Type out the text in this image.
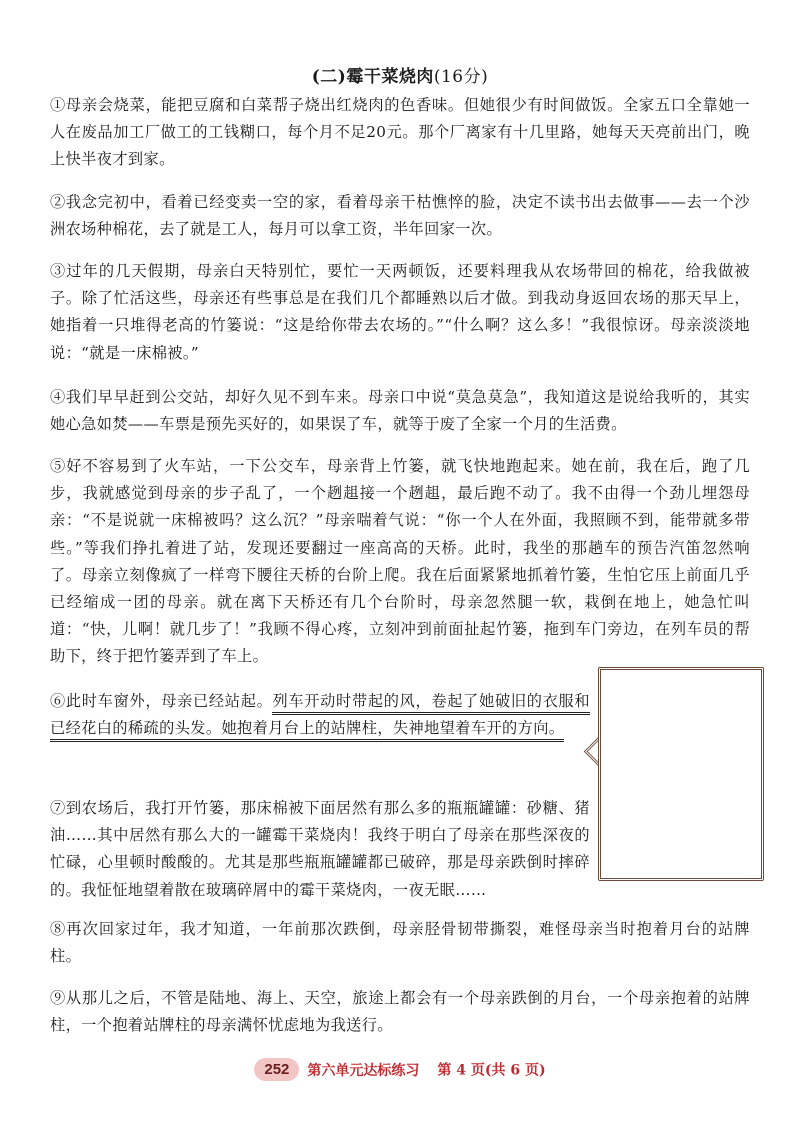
(二)霉干菜烧肉(16分)
①母亲会烧菜，能把豆腐和白菜帮子烧出红烧肉的色香味。但她很少有时间做饭。全家五口全靠她一人在废品加工厂做工的工钱糊口，每个月不足20元。那个厂离家有十几里路，她每天天亮前出门，晚上快半夜才到家。
②我念完初中，看着已经变卖一空的家，看着母亲干枯憔悴的脸，决定不读书出去做事——去一个沙洲农场种棉花，去了就是工人，每月可以拿工资，半年回家一次。
③过年的几天假期，母亲白天特别忙，要忙一天两顿饭，还要料理我从农场带回的棉花，给我做被子。除了忙活这些，母亲还有些事总是在我们几个都睡熟以后才做。到我动身返回农场的那天早上，她指着一只堆得老高的竹篓说：“这是给你带去农场的。”“什么啊？这么多！”我很惊讶。母亲淡淡地说：“就是一床棉被。”
④我们早早赶到公交站，却好久见不到车来。母亲口中说“莫急莫急”，我知道这是说给我听的，其实她心急如焚——车票是预先买好的，如果误了车，就等于废了全家一个月的生活费。
⑤好不容易到了火车站，一下公交车，母亲背上竹篓，就飞快地跑起来。她在前，我在后，跑了几步，我就感觉到母亲的步子乱了，一个趔趄接一个趔趄，最后跑不动了。我不由得一个劲儿埋怨母亲：“不是说就一床棉被吗？这么沉？”母亲喘着气说：“你一个人在外面，我照顾不到，能带就多带些。”等我们挣扎着进了站，发现还要翻过一座高高的天桥。此时，我坐的那趟车的预告汽笛忽然响了。母亲立刻像疯了一样弯下腰往天桥的台阶上爬。我在后面紧紧地抓着竹篓，生怕它压上前面几乎已经缩成一团的母亲。就在离下天桥还有几个台阶时，母亲忽然腿一软，栽倒在地上，她急忙叫道：“快，儿啊！就几步了！”我顾不得心疼，立刻冲到前面扯起竹篓，拖到车门旁边，在列车员的帮助下，终于把竹篓弄到了车上。
⑥此时车窗外，母亲已经站起。列车开动时带起的风，卷起了她破旧的衣服和已经花白的稀疏的头发。她抱着月台上的站牌柱，失神地望着车开的方向。
⑦到农场后，我打开竹篓，那床棉被下面居然有那么多的瓶瓶罐罐：砂糖、猪油……其中居然有那么大的一罐霉干菜烧肉！我终于明白了母亲在那些深夜的忙碌，心里顿时酸酸的。尤其是那些瓶瓶罐罐都已破碎，那是母亲跌倒时摔碎的。我怔怔地望着散在玻璃碎屑中的霉干菜烧肉，一夜无眠……
⑧再次回家过年，我才知道，一年前那次跌倒，母亲胫骨韧带撕裂，难怪母亲当时抱着月台的站牌柱。
⑨从那儿之后，不管是陆地、海上、天空，旅途上都会有一个母亲跌倒的月台，一个母亲抱着的站牌柱，一个抱着站牌柱的母亲满怀忧虑地为我送行。
252 第六单元达标练习 第 4 页(共 6 页)
